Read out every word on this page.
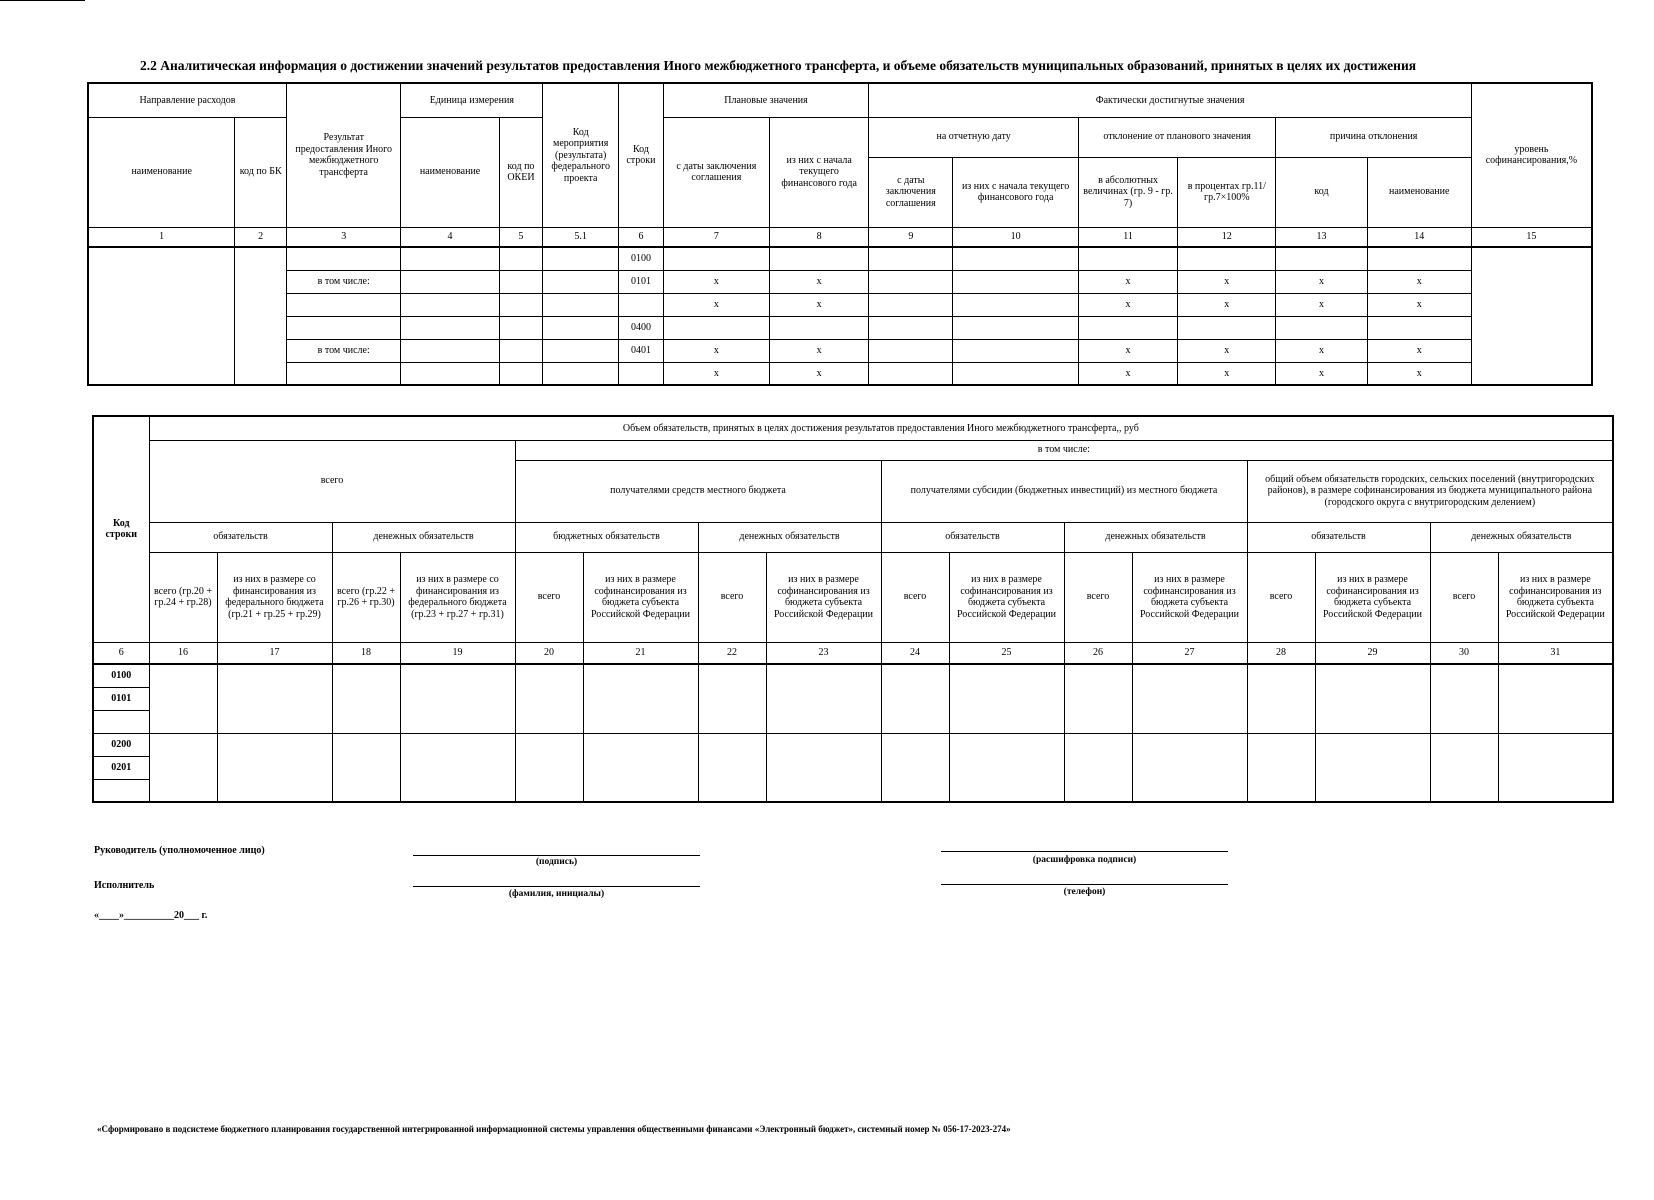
2.2 Аналитическая информация о достижении значений результатов предоставления Иного межбюджетного трансферта, и объеме обязательств муниципальных образований, принятых в целях их достижения
Направление расходов		Результат предоставления Иного межбюджетного трансферта	Единица измерения		Код мероприятия (результата) федерального проекта	Код строки	Плановые значения		Фактически достигнутые значения						уровень софинансирования,%
наименование	код по БК		наименование	код по ОКЕИ			с даты заключения соглашения	из них с начала текущего финансового года	на отчетную дату		отклонение от планового значения		причина отклонения		
									с даты заключения соглашения	из них с начала текущего финансового года	в абсолютных величинах (гр. 9 - гр. 7)	в процентах гр.11/гр.7×100%	код	наименование	
1	2	3	4	5	5.1	6	7	8	9	10	11	12	13	14	15
						0100									
		в том числе:				0101	x	x			x	x	x	x	
							x	x			x	x	x	x	
						0400									
		в том числе:				0401	x	x			x	x	x	x	
							x	x			x	x	x	x	
Код строки	Объем обязательств, принятых в целях достижения результатов предоставления Иного межбюджетного трансферта,, руб															
	всего				в том числе:											
					получателями средств местного бюджета				получателями субсидии (бюджетных инвестиций) из местного бюджета				общий объем обязательств городских, сельских поселений (внутригородских районов), в размере софинансирования из бюджета муниципального района (городского округа с внутригородским делением)			
	обязательств		денежных обязательств		бюджетных обязательств		денежных обязательств		обязательств		денежных обязательств		обязательств		денежных обязательств	
	всего (гр.20 + гр.24 + гр.28)	из них в размере со финансирования из федерального бюджета (гр.21 + гр.25 + гр.29)	всего (гр.22 + гр.26 + гр.30)	из них в размере со финансирования из федерального бюджета (гр.23 + гр.27 + гр.31)	всего	из них в размере софинансирования из бюджета субъекта Российской Федерации	всего	из них в размере софинансирования из бюджета субъекта Российской Федерации	всего	из них в размере софинансирования из бюджета субъекта Российской Федерации	всего	из них в размере софинансирования из бюджета субъекта Российской Федерации	всего	из них в размере софинансирования из бюджета субъекта Российской Федерации	всего	из них в размере софинансирования из бюджета субъекта Российской Федерации
6	16	17	18	19	20	21	22	23	24	25	26	27	28	29	30	31
0100																
0101																

0200																
0201																

Руководитель (уполномоченное лицо)
(подпись)	(расшифровка подписи)
Исполнитель
(фамилия, инициалы)	(телефон)
«____»__________20___ г.
«Сформировано в подсистеме бюджетного планирования государственной интегрированной информационной системы управления общественными финансами «Электронный бюджет», системный номер № 056-17-2023-274»
